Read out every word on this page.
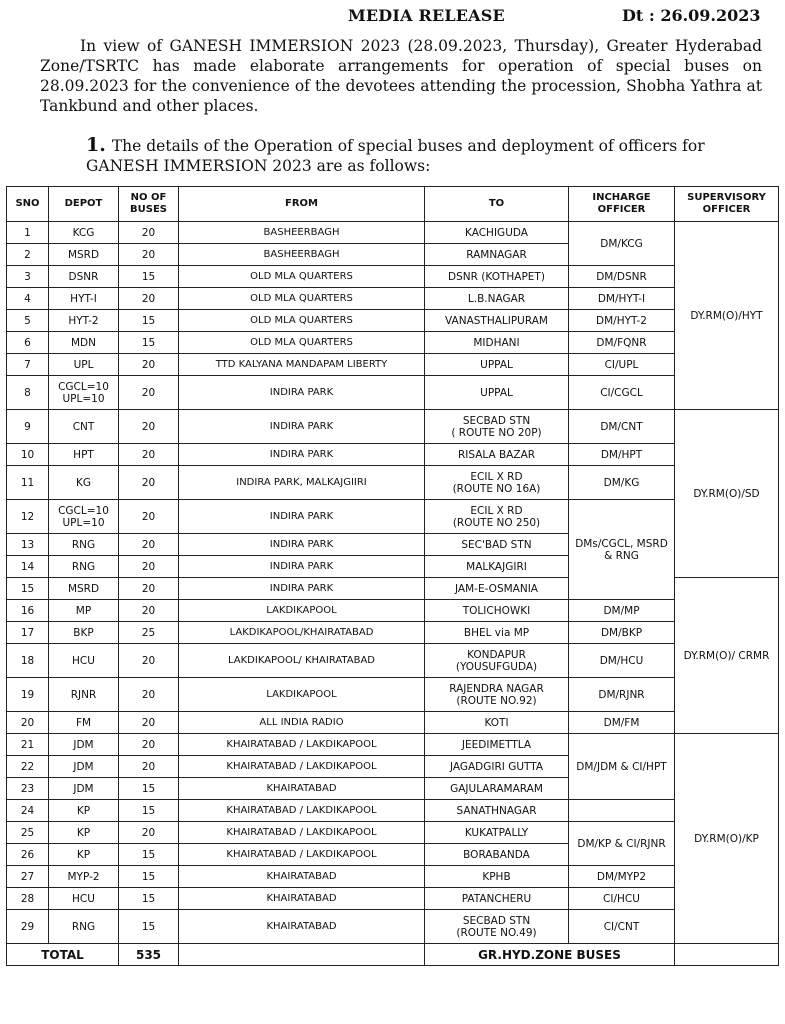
MEDIA RELEASE	Dt : 26.09.2023
In view of GANESH IMMERSION 2023 (28.09.2023, Thursday), Greater Hyderabad Zone/TSRTC has made elaborate arrangements for operation of special buses on 28.09.2023 for the convenience of the devotees attending the procession, Shobha Yathra at Tankbund and other places.
1. The details of the Operation of special buses and deployment of officers for GANESH IMMERSION 2023 are as follows:
SNO	DEPOT	NO OF BUSES	FROM	TO	INCHARGE OFFICER	SUPERVISORY OFFICER
1	KCG	20	BASHEERBAGH	KACHIGUDA	DM/KCG	DY.RM(O)/HYT
2	MSRD	20	BASHEERBAGH	RAMNAGAR		
3	DSNR	15	OLD MLA QUARTERS	DSNR (KOTHAPET)	DM/DSNR	
4	HYT-I	20	OLD MLA QUARTERS	L.B.NAGAR	DM/HYT-I	
5	HYT-2	15	OLD MLA QUARTERS	VANASTHALIPURAM	DM/HYT-2	
6	MDN	15	OLD MLA QUARTERS	MIDHANI	DM/FQNR	
7	UPL	20	TTD KALYANA MANDAPAM LIBERTY	UPPAL	CI/UPL	
8	CGCL=10
UPL=10	20	INDIRA PARK	UPPAL	CI/CGCL	
9	CNT	20	INDIRA PARK	SECBAD STN
( ROUTE NO 20P)	DM/CNT	DY.RM(O)/SD
10	HPT	20	INDIRA PARK	RISALA BAZAR	DM/HPT	
11	KG	20	INDIRA PARK, MALKAJGIIRI	ECIL X RD
(ROUTE NO 16A)	DM/KG	
12	CGCL=10
UPL=10	20	INDIRA PARK	ECIL X RD
(ROUTE NO 250)	DMs/CGCL, MSRD & RNG	
13	RNG	20	INDIRA PARK	SEC'BAD STN		
14	RNG	20	INDIRA PARK	MALKAJGIRI		
15	MSRD	20	INDIRA PARK	JAM-E-OSMANIA		DY.RM(O)/ CRMR
16	MP	20	LAKDIKAPOOL	TOLICHOWKI	DM/MP	
17	BKP	25	LAKDIKAPOOL/KHAIRATABAD	BHEL via MP	DM/BKP	
18	HCU	20	LAKDIKAPOOL/ KHAIRATABAD	KONDAPUR
(YOUSUFGUDA)	DM/HCU	
19	RJNR	20	LAKDIKAPOOL	RAJENDRA NAGAR
(ROUTE NO.92)	DM/RJNR	
20	FM	20	ALL INDIA RADIO	KOTI	DM/FM	
21	JDM	20	KHAIRATABAD / LAKDIKAPOOL	JEEDIMETTLA	DM/JDM & CI/HPT	DY.RM(O)/KP
22	JDM	20	KHAIRATABAD / LAKDIKAPOOL	JAGADGIRI GUTTA		
23	JDM	15	KHAIRATABAD	GAJULARAMARAM		
24	KP	15	KHAIRATABAD / LAKDIKAPOOL	SANATHNAGAR		
25	KP	20	KHAIRATABAD / LAKDIKAPOOL	KUKATPALLY	DM/KP & CI/RJNR	
26	KP	15	KHAIRATABAD / LAKDIKAPOOL	BORABANDA		
27	MYP-2	15	KHAIRATABAD	KPHB	DM/MYP2	
28	HCU	15	KHAIRATABAD	PATANCHERU	CI/HCU	
29	RNG	15	KHAIRATABAD	SECBAD STN
(ROUTE NO.49)	CI/CNT	
TOTAL		535		GR.HYD.ZONE BUSES		
